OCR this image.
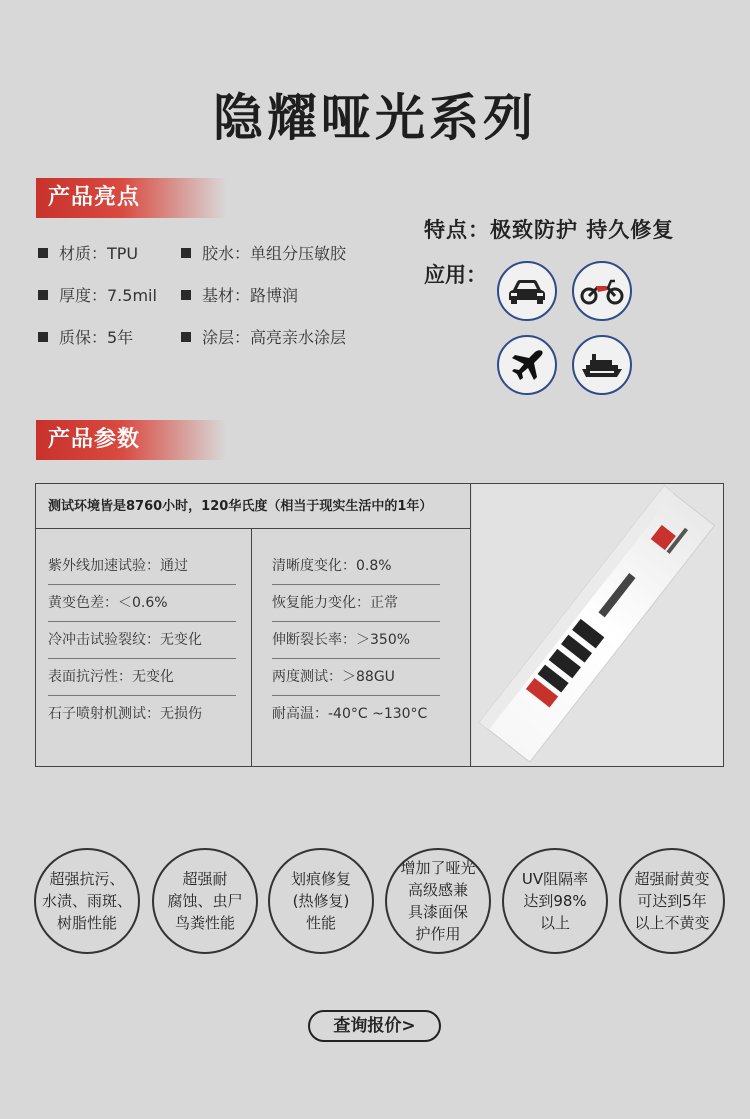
隐耀哑光系列
产品亮点
材质：TPU	胶水：单组分压敏胶
厚度：7.5mil	基材：路博润
质保：5年	涂层：高亮亲水涂层
特点：极致防护 持久修复
应用：
产品参数
测试环境皆是8760小时，120华氏度（相当于现实生活中的1年）
紫外线加速试验：通过
黄变色差：＜0.6%
冷冲击试验裂纹：无变化
表面抗污性：无变化
石子喷射机测试：无损伤
清晰度变化：0.8%
恢复能力变化：正常
伸断裂长率：＞350%
两度测试：＞88GU
耐高温：-40°C ~130°C
超强抗污、
水渍、雨斑、
树脂性能
超强耐
腐蚀、虫尸
鸟粪性能
划痕修复
(热修复)
性能
增加了哑光
高级感兼
具漆面保
护作用
UV阻隔率
达到98%
以上
超强耐黄变
可达到5年
以上不黄变
查询报价>
